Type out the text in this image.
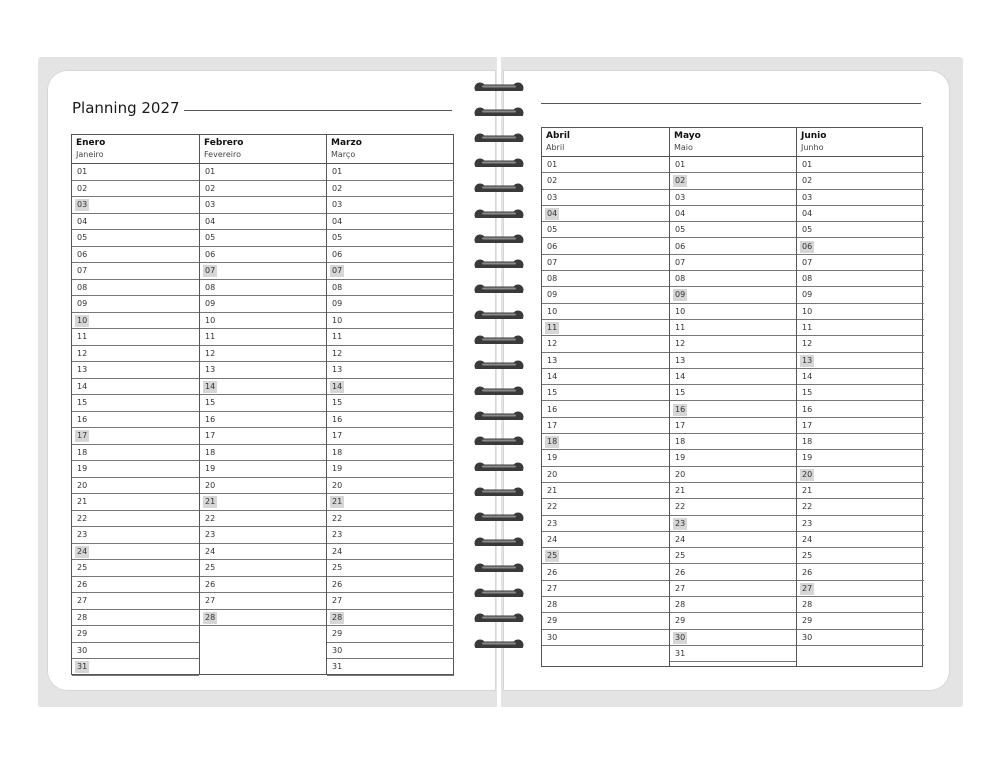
Planning 2027
Enero
Janeiro
01
02
03
04
05
06
07
08
09
10
11
12
13
14
15
16
17
18
19
20
21
22
23
24
25
26
27
28
29
30
31
Febrero
Fevereiro
01
02
03
04
05
06
07
08
09
10
11
12
13
14
15
16
17
18
19
20
21
22
23
24
25
26
27
28
Marzo
Março
01
02
03
04
05
06
07
08
09
10
11
12
13
14
15
16
17
18
19
20
21
22
23
24
25
26
27
28
29
30
31
Abril
Abril
01
02
03
04
05
06
07
08
09
10
11
12
13
14
15
16
17
18
19
20
21
22
23
24
25
26
27
28
29
30
Mayo
Maio
01
02
03
04
05
06
07
08
09
10
11
12
13
14
15
16
17
18
19
20
21
22
23
24
25
26
27
28
29
30
31
Junio
Junho
01
02
03
04
05
06
07
08
09
10
11
12
13
14
15
16
17
18
19
20
21
22
23
24
25
26
27
28
29
30
